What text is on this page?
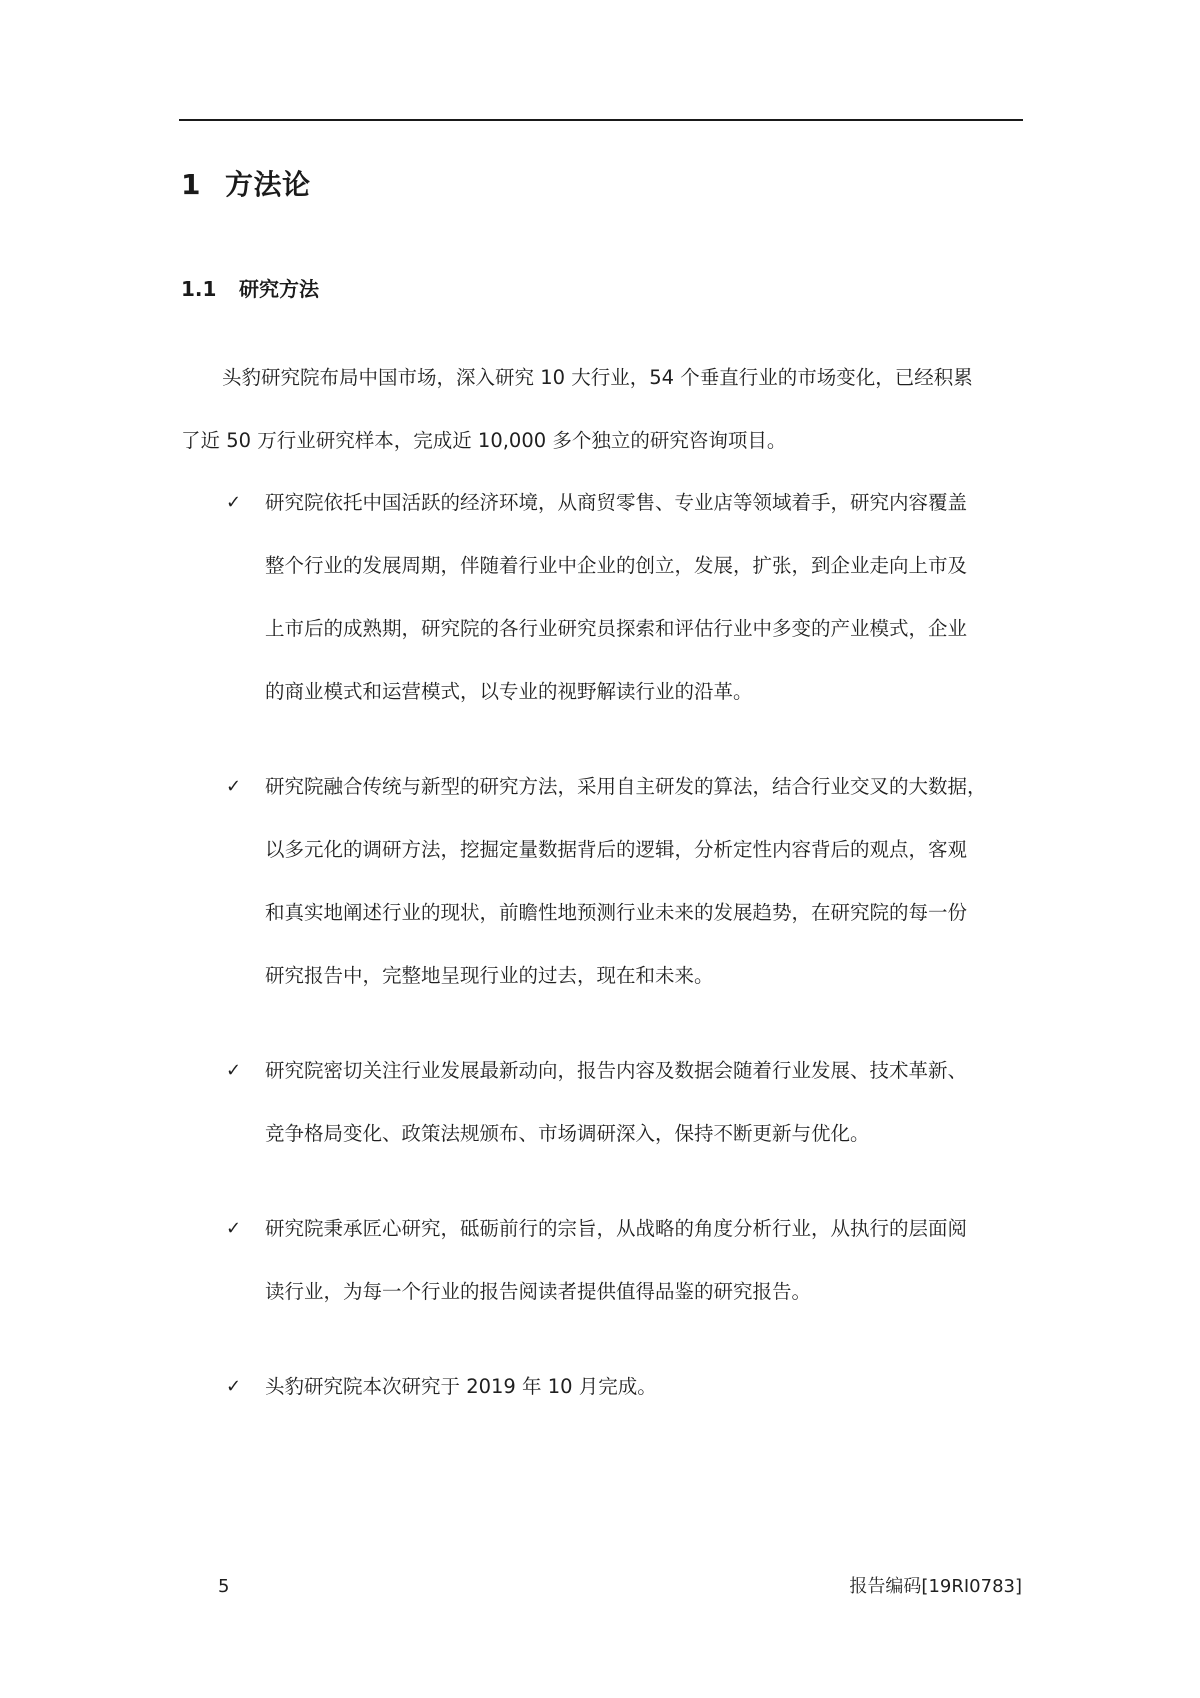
1 方法论
1.1 研究方法
头豹研究院布局中国市场，深入研究 10 大行业，54 个垂直行业的市场变化，已经积累
了近 50 万行业研究样本，完成近 10,000 多个独立的研究咨询项目。
✓ 研究院依托中国活跃的经济环境，从商贸零售、专业店等领域着手，研究内容覆盖
整个行业的发展周期，伴随着行业中企业的创立，发展，扩张，到企业走向上市及
上市后的成熟期，研究院的各行业研究员探索和评估行业中多变的产业模式，企业
的商业模式和运营模式，以专业的视野解读行业的沿革。
✓ 研究院融合传统与新型的研究方法，采用自主研发的算法，结合行业交叉的大数据，
以多元化的调研方法，挖掘定量数据背后的逻辑，分析定性内容背后的观点，客观
和真实地阐述行业的现状，前瞻性地预测行业未来的发展趋势，在研究院的每一份
研究报告中，完整地呈现行业的过去，现在和未来。
✓ 研究院密切关注行业发展最新动向，报告内容及数据会随着行业发展、技术革新、
竞争格局变化、政策法规颁布、市场调研深入，保持不断更新与优化。
✓ 研究院秉承匠心研究，砥砺前行的宗旨，从战略的角度分析行业，从执行的层面阅
读行业，为每一个行业的报告阅读者提供值得品鉴的研究报告。
✓ 头豹研究院本次研究于 2019 年 10 月完成。
5	报告编码[19RI0783]
